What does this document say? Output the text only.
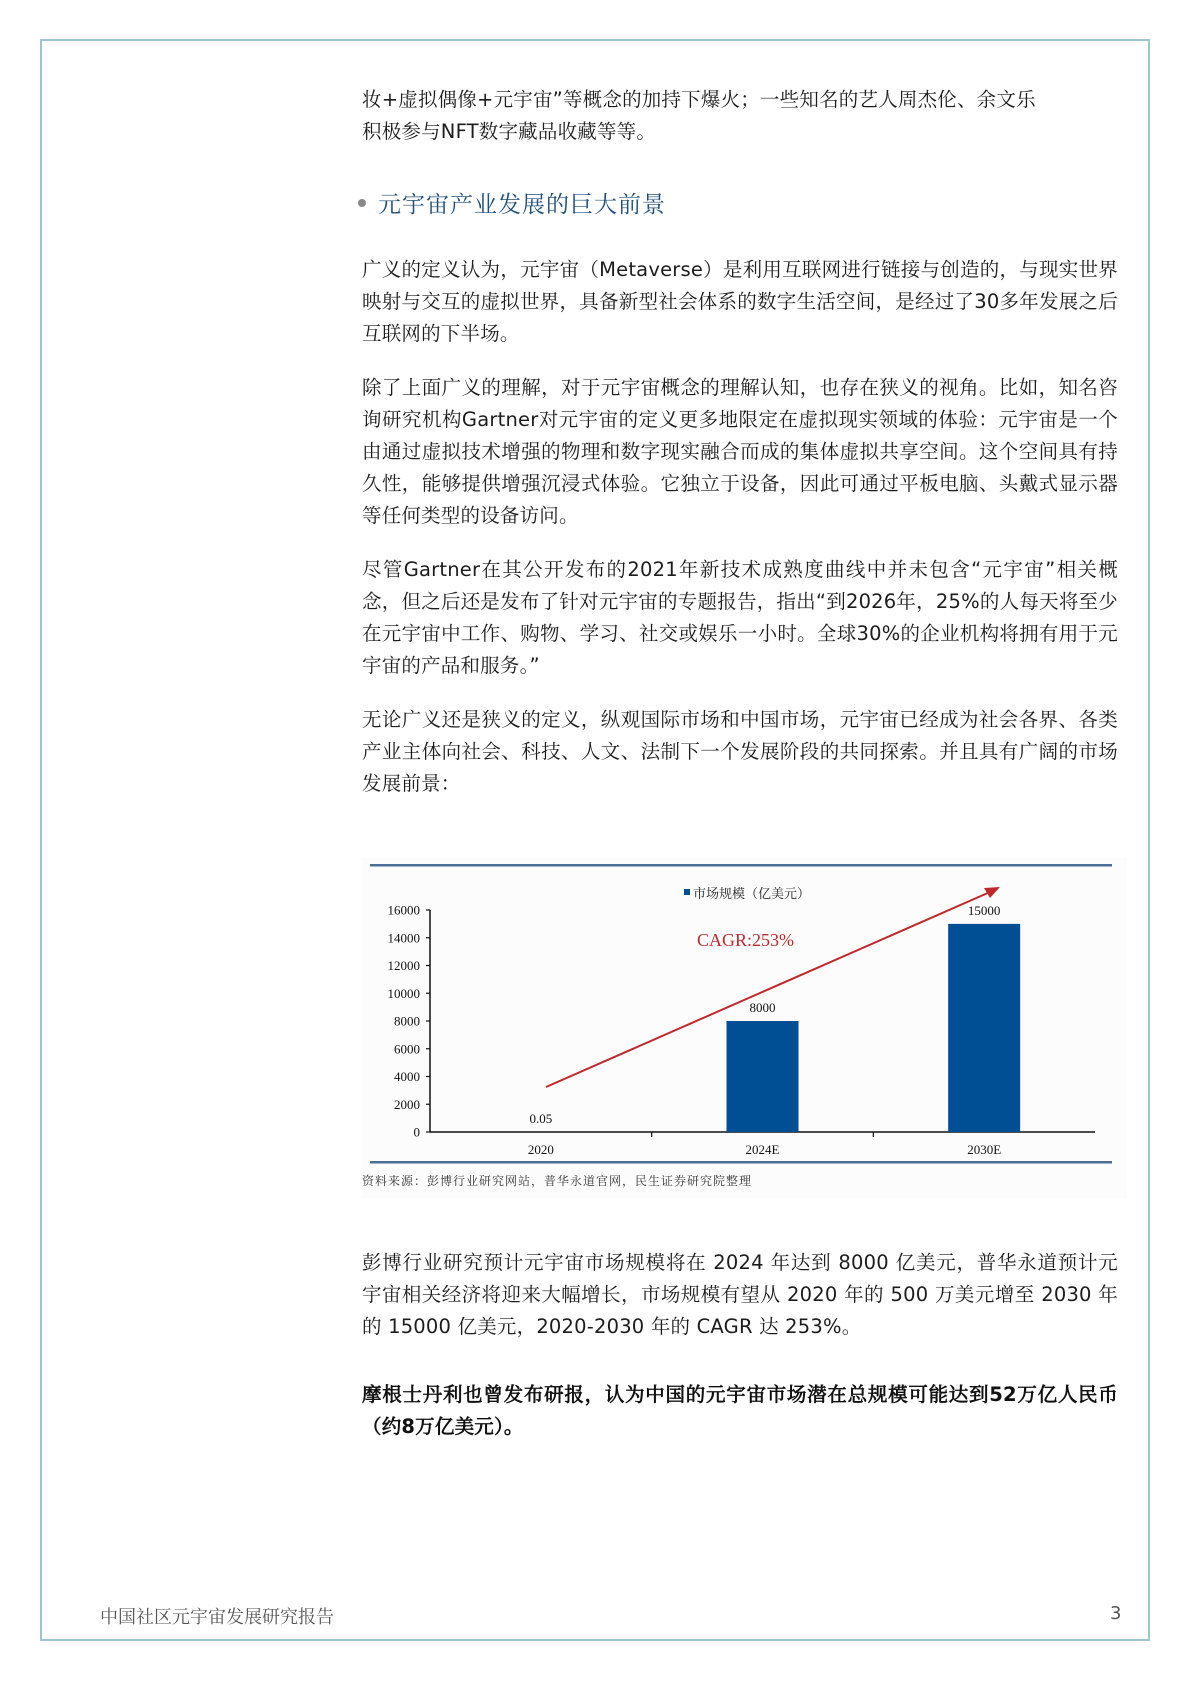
妆+虚拟偶像+元宇宙”等概念的加持下爆火；一些知名的艺人周杰伦、余文乐
积极参与NFT数字藏品收藏等等。
元宇宙产业发展的巨大前景
广义的定义认为，元宇宙（Metaverse）是利用互联网进行链接与创造的，与现实世界映射与交互的虚拟世界，具备新型社会体系的数字生活空间，是经过了30多年发展之后互联网的下半场。
除了上面广义的理解，对于元宇宙概念的理解认知，也存在狭义的视角。比如，知名咨询研究机构Gartner对元宇宙的定义更多地限定在虚拟现实领域的体验：元宇宙是一个由通过虚拟技术增强的物理和数字现实融合而成的集体虚拟共享空间。这个空间具有持久性，能够提供增强沉浸式体验。它独立于设备，因此可通过平板电脑、头戴式显示器等任何类型的设备访问。
尽管Gartner在其公开发布的2021年新技术成熟度曲线中并未包含“元宇宙”相关概念，但之后还是发布了针对元宇宙的专题报告，指出“到2026年，25%的人每天将至少在元宇宙中工作、购物、学习、社交或娱乐一小时。全球30%的企业机构将拥有用于元宇宙的产品和服务。”
无论广义还是狭义的定义，纵观国际市场和中国市场，元宇宙已经成为社会各界、各类产业主体向社会、科技、人文、法制下一个发展阶段的共同探索。并且具有广阔的市场发展前景：
市场规模（亿美元）
0
2000
4000
6000
8000
10000
12000
14000
16000
2020	2024E	2030E
0.05
8000
15000
CAGR:253%
资料来源：彭博行业研究网站，普华永道官网，民生证券研究院整理
彭博行业研究预计元宇宙市场规模将在 2024 年达到 8000 亿美元，普华永道预计元宇宙相关经济将迎来大幅增长，市场规模有望从 2020 年的 500 万美元增至 2030 年的 15000 亿美元，2020-2030 年的 CAGR 达 253%。
摩根士丹利也曾发布研报，认为中国的元宇宙市场潜在总规模可能达到52万亿人民币（约8万亿美元）。
中国社区元宇宙发展研究报告	3
